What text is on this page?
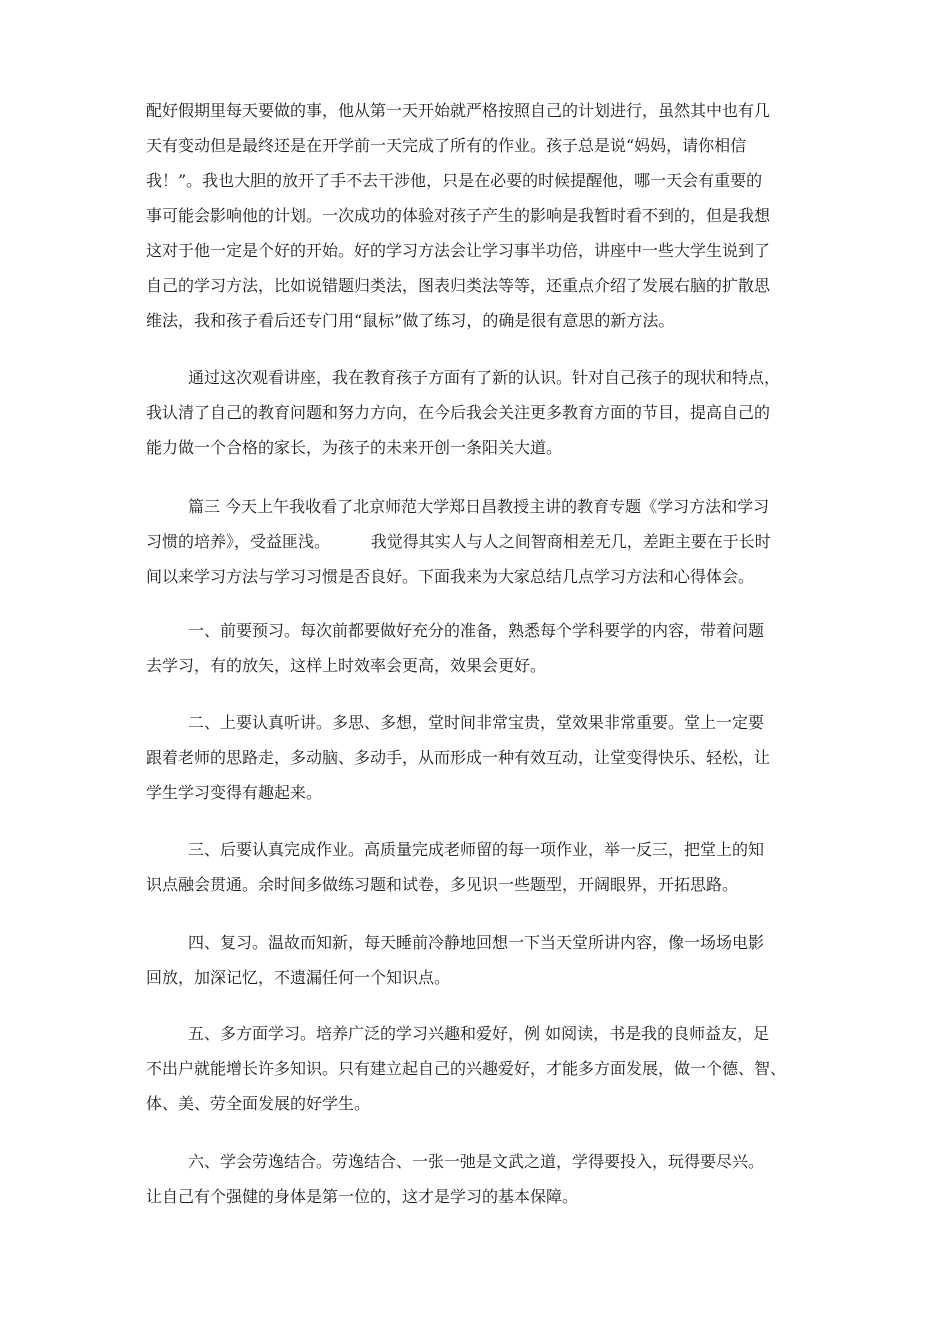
配好假期里每天要做的事，他从第一天开始就严格按照自己的计划进行，虽然其中也有几
天有变动但是最终还是在开学前一天完成了所有的作业。孩子总是说“妈妈，请你相信
我！”。我也大胆的放开了手不去干涉他，只是在必要的时候提醒他，哪一天会有重要的
事可能会影响他的计划。一次成功的体验对孩子产生的影响是我暂时看不到的，但是我想
这对于他一定是个好的开始。好的学习方法会让学习事半功倍，讲座中一些大学生说到了
自己的学习方法，比如说错题归类法，图表归类法等等，还重点介绍了发展右脑的扩散思
维法，我和孩子看后还专门用“鼠标”做了练习，的确是很有意思的新方法。
通过这次观看讲座，我在教育孩子方面有了新的认识。针对自己孩子的现状和特点，
我认清了自己的教育问题和努力方向，在今后我会关注更多教育方面的节目，提高自己的
能力做一个合格的家长，为孩子的未来开创一条阳关大道。
篇三 今天上午我收看了北京师范大学郑日昌教授主讲的教育专题《学习方法和学习
习惯的培养》，受益匪浅。        我觉得其实人与人之间智商相差无几，差距主要在于长时
间以来学习方法与学习习惯是否良好。下面我来为大家总结几点学习方法和心得体会。
一、前要预习。每次前都要做好充分的准备，熟悉每个学科要学的内容，带着问题
去学习，有的放矢，这样上时效率会更高，效果会更好。
二、上要认真听讲。多思、多想，堂时间非常宝贵，堂效果非常重要。堂上一定要
跟着老师的思路走，多动脑、多动手，从而形成一种有效互动，让堂变得快乐、轻松，让
学生学习变得有趣起来。
三、后要认真完成作业。高质量完成老师留的每一项作业，举一反三，把堂上的知
识点融会贯通。余时间多做练习题和试卷，多见识一些题型，开阔眼界，开拓思路。
四、复习。温故而知新，每天睡前冷静地回想一下当天堂所讲内容，像一场场电影
回放，加深记忆，不遗漏任何一个知识点。
五、多方面学习。培养广泛的学习兴趣和爱好，例 如阅读，书是我的良师益友，足
不出户就能增长许多知识。只有建立起自己的兴趣爱好，才能多方面发展，做一个德、智、
体、美、劳全面发展的好学生。
六、学会劳逸结合。劳逸结合、一张一弛是文武之道，学得要投入，玩得要尽兴。
让自己有个强健的身体是第一位的，这才是学习的基本保障。
